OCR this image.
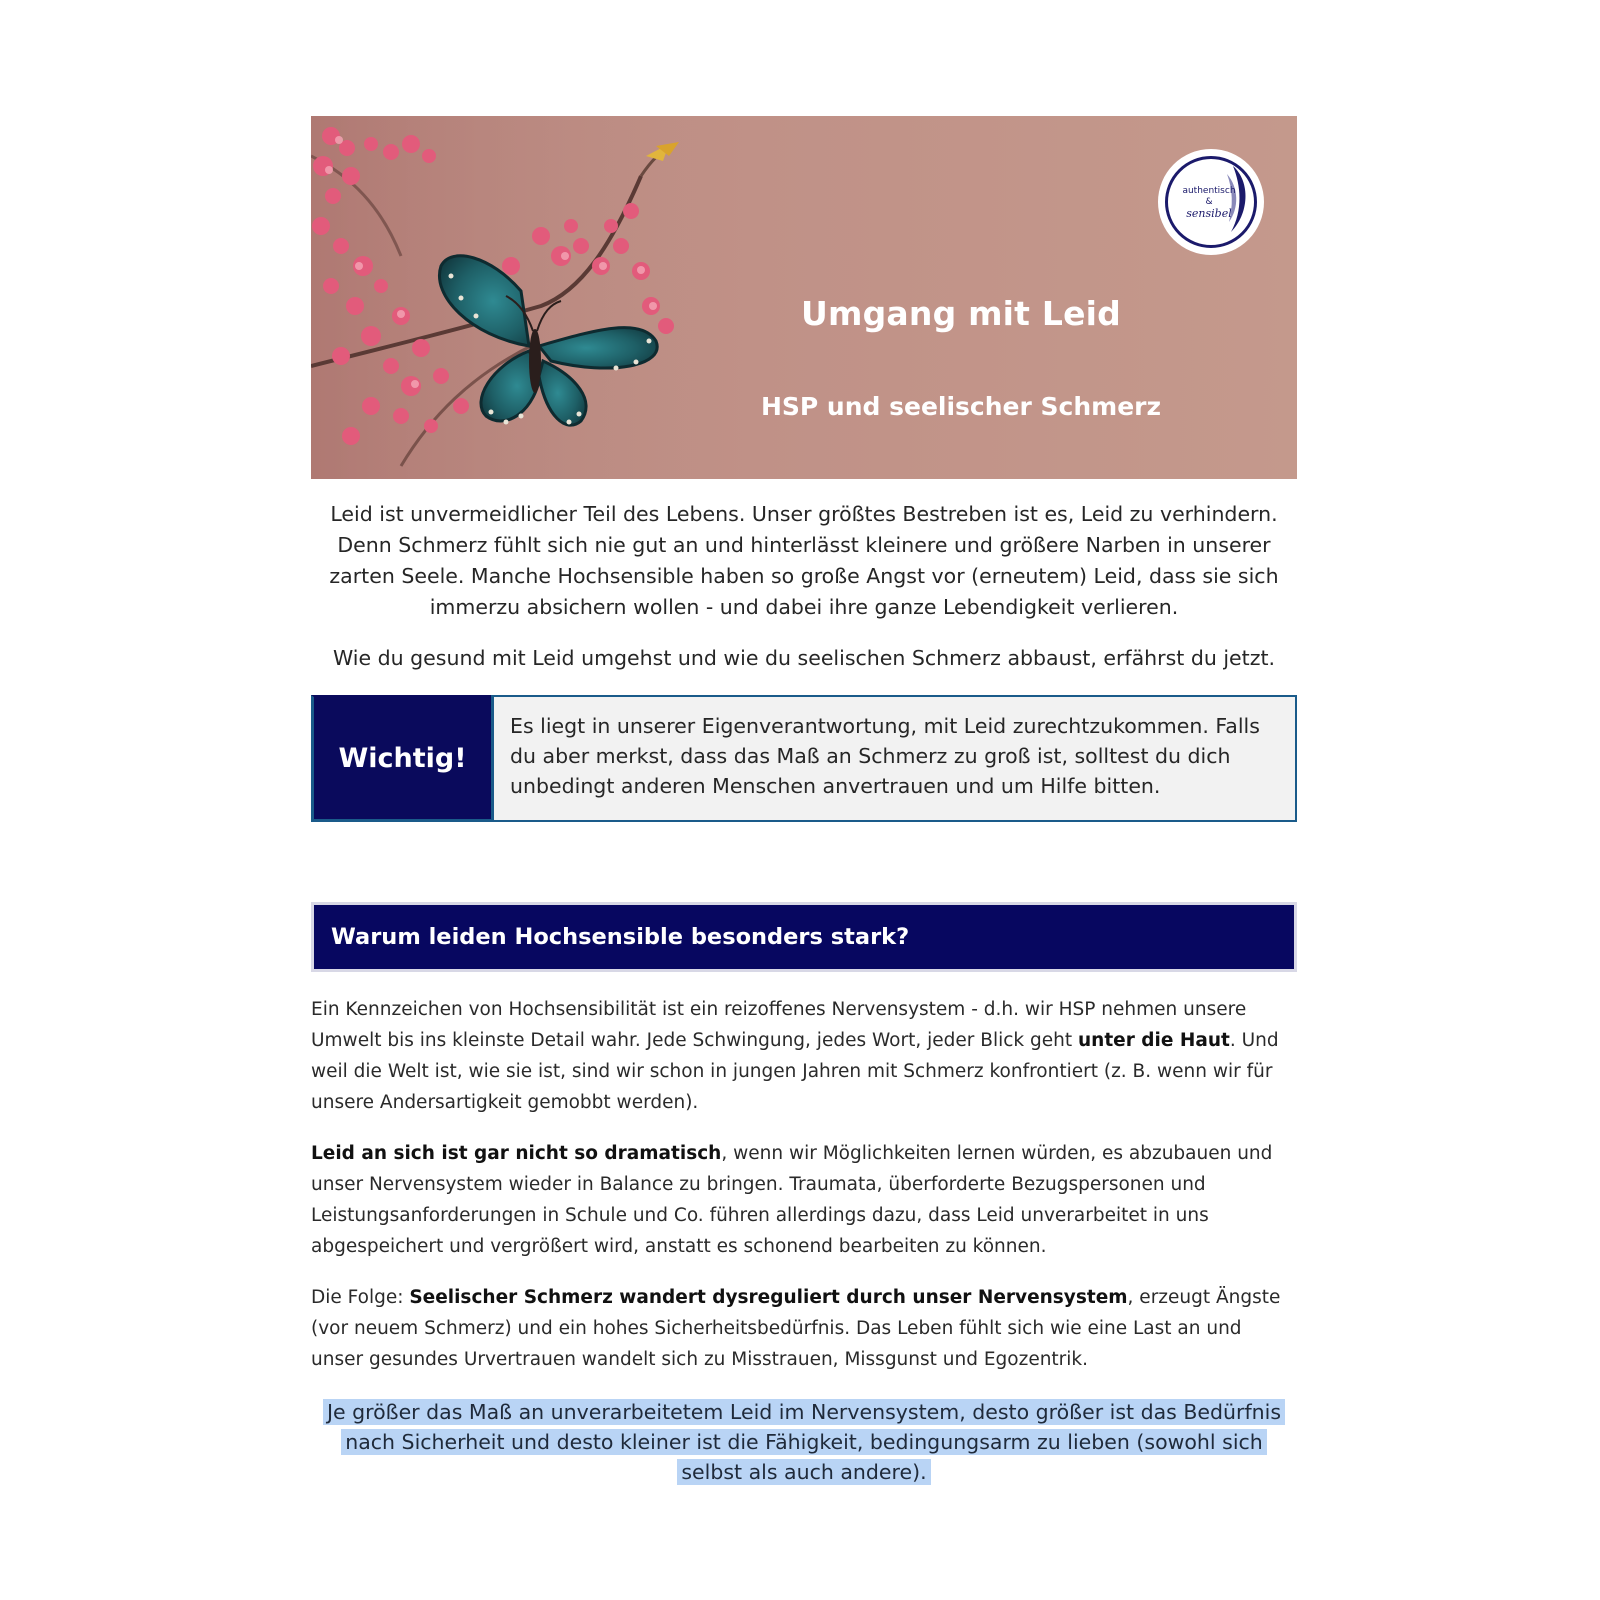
authentisch
&
sensibel
Umgang mit Leid
HSP und seelischer Schmerz

Leid ist unvermeidlicher Teil des Lebens. Unser größtes Bestreben ist es, Leid zu verhindern. Denn Schmerz fühlt sich nie gut an und hinterlässt kleinere und größere Narben in unserer zarten Seele. Manche Hochsensible haben so große Angst vor (erneutem) Leid, dass sie sich immerzu absichern wollen - und dabei ihre ganze Lebendigkeit verlieren.

Wie du gesund mit Leid umgehst und wie du seelischen Schmerz abbaust, erfährst du jetzt.

Wichtig!
Es liegt in unserer Eigenverantwortung, mit Leid zurechtzukommen. Falls du aber merkst, dass das Maß an Schmerz zu groß ist, solltest du dich unbedingt anderen Menschen anvertrauen und um Hilfe bitten.
Warum leiden Hochsensible besonders stark?

Ein Kennzeichen von Hochsensibilität ist ein reizoffenes Nervensystem - d.h. wir HSP nehmen unsere Umwelt bis ins kleinste Detail wahr. Jede Schwingung, jedes Wort, jeder Blick geht unter die Haut. Und weil die Welt ist, wie sie ist, sind wir schon in jungen Jahren mit Schmerz konfrontiert (z. B. wenn wir für unsere Andersartigkeit gemobbt werden).

Leid an sich ist gar nicht so dramatisch, wenn wir Möglichkeiten lernen würden, es abzubauen und unser Nervensystem wieder in Balance zu bringen. Traumata, überforderte Bezugspersonen und Leistungsanforderungen in Schule und Co. führen allerdings dazu, dass Leid unverarbeitet in uns abgespeichert und vergrößert wird, anstatt es schonend bearbeiten zu können.

Die Folge: Seelischer Schmerz wandert dysreguliert durch unser Nervensystem, erzeugt Ängste (vor neuem Schmerz) und ein hohes Sicherheitsbedürfnis. Das Leben fühlt sich wie eine Last an und unser gesundes Urvertrauen wandelt sich zu Misstrauen, Missgunst und Egozentrik.

Je größer das Maß an unverarbeitetem Leid im Nervensystem, desto größer ist das Bedürfnis nach Sicherheit und desto kleiner ist die Fähigkeit, bedingungsarm zu lieben (sowohl sich selbst als auch andere).
